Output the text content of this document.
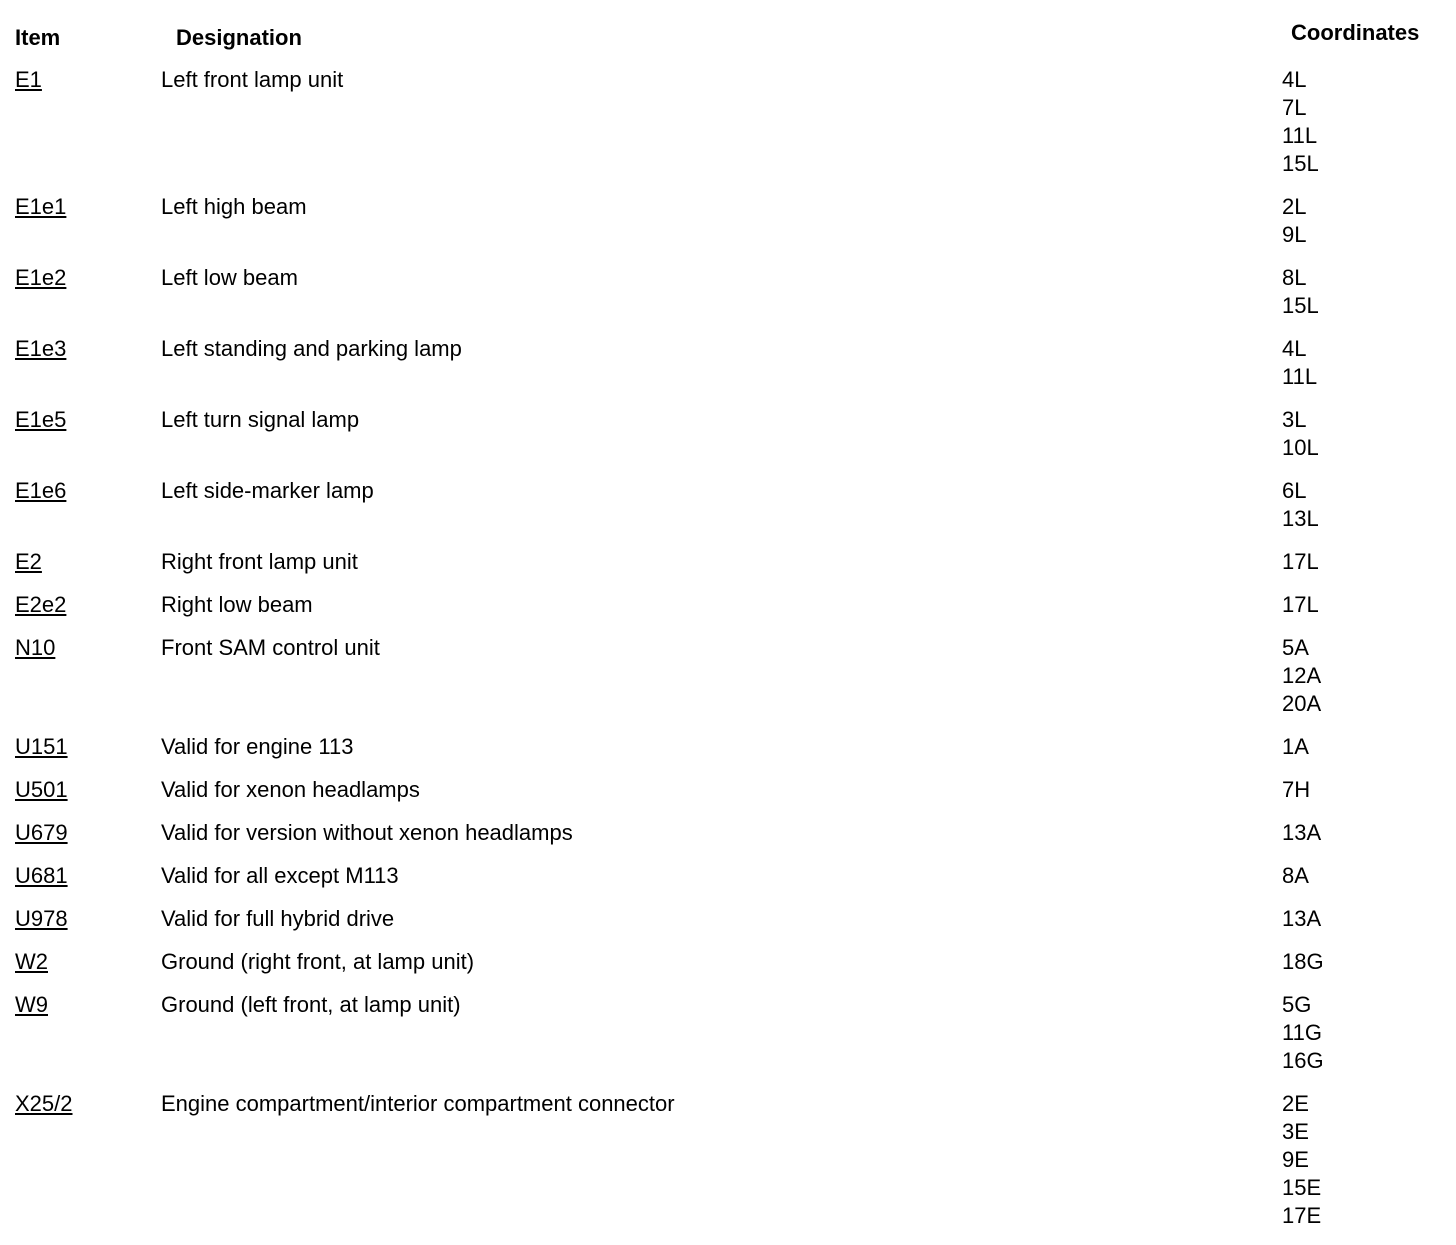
Item	Designation	Coordinates
E1	Left front lamp unit	4L
7L
11L
15L
E1e1	Left high beam	2L
9L
E1e2	Left low beam	8L
15L
E1e3	Left standing and parking lamp	4L
11L
E1e5	Left turn signal lamp	3L
10L
E1e6	Left side-marker lamp	6L
13L
E2	Right front lamp unit	17L
E2e2	Right low beam	17L
N10	Front SAM control unit	5A
12A
20A
U151	Valid for engine 113	1A
U501	Valid for xenon headlamps	7H
U679	Valid for version without xenon headlamps	13A
U681	Valid for all except M113	8A
U978	Valid for full hybrid drive	13A
W2	Ground (right front, at lamp unit)	18G
W9	Ground (left front, at lamp unit)	5G
11G
16G
X25/2	Engine compartment/interior compartment connector	2E
3E
9E
15E
17E
